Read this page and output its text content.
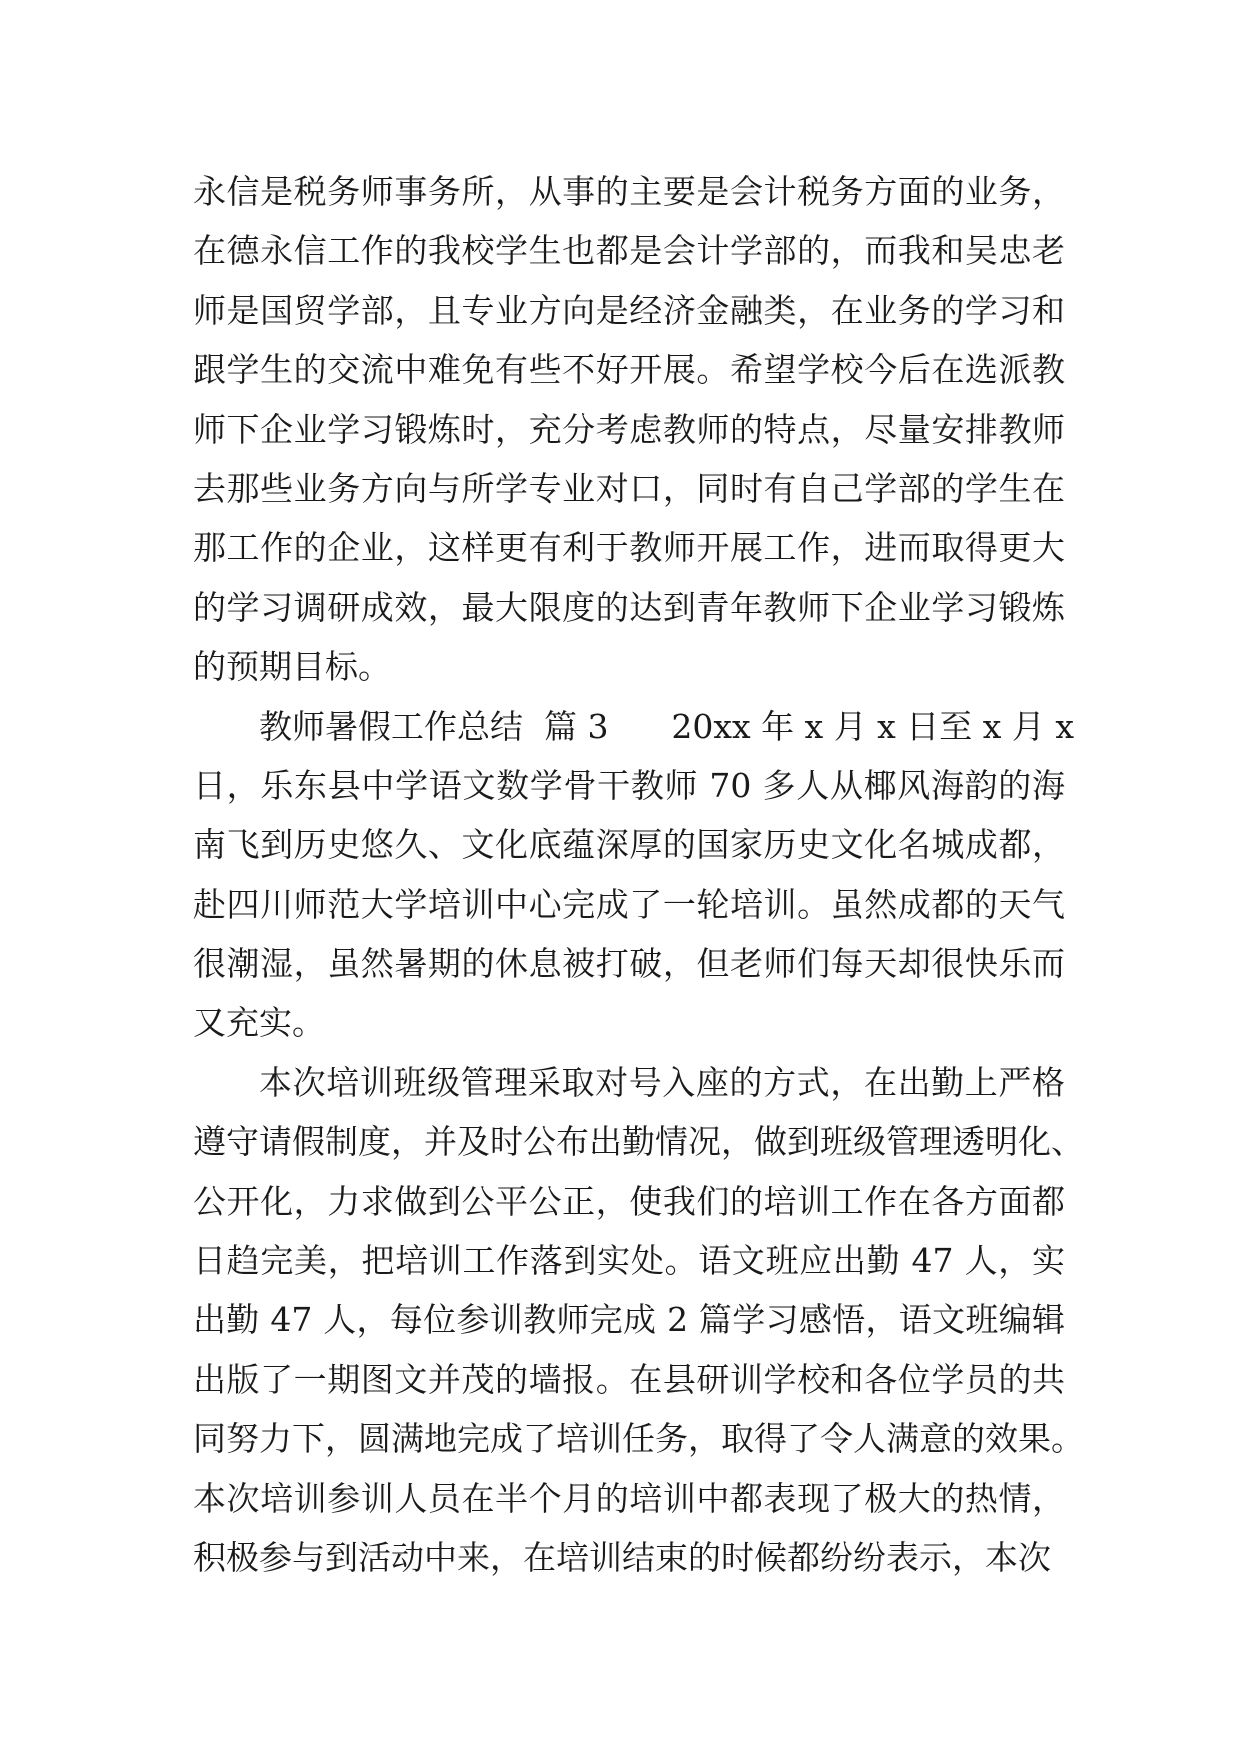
永信是税务师事务所，从事的主要是会计税务方面的业务，
在德永信工作的我校学生也都是会计学部的，而我和吴忠老
师是国贸学部，且专业方向是经济金融类，在业务的学习和
跟学生的交流中难免有些不好开展。希望学校今后在选派教
师下企业学习锻炼时，充分考虑教师的特点，尽量安排教师
去那些业务方向与所学专业对口，同时有自己学部的学生在
那工作的企业，这样更有利于教师开展工作，进而取得更大
的学习调研成效，最大限度的达到青年教师下企业学习锻炼
的预期目标。
教师暑假工作总结  篇 3      20xx 年 x 月 x 日至 x 月 x
日，乐东县中学语文数学骨干教师 70 多人从椰风海韵的海
南飞到历史悠久、文化底蕴深厚的国家历史文化名城成都，
赴四川师范大学培训中心完成了一轮培训。虽然成都的天气
很潮湿，虽然暑期的休息被打破，但老师们每天却很快乐而
又充实。
本次培训班级管理采取对号入座的方式，在出勤上严格
遵守请假制度，并及时公布出勤情况，做到班级管理透明化、
公开化，力求做到公平公正，使我们的培训工作在各方面都
日趋完美，把培训工作落到实处。语文班应出勤 47 人，实
出勤 47 人，每位参训教师完成 2 篇学习感悟，语文班编辑
出版了一期图文并茂的墙报。在县研训学校和各位学员的共
同努力下，圆满地完成了培训任务，取得了令人满意的效果。
本次培训参训人员在半个月的培训中都表现了极大的热情，
积极参与到活动中来，在培训结束的时候都纷纷表示，本次
